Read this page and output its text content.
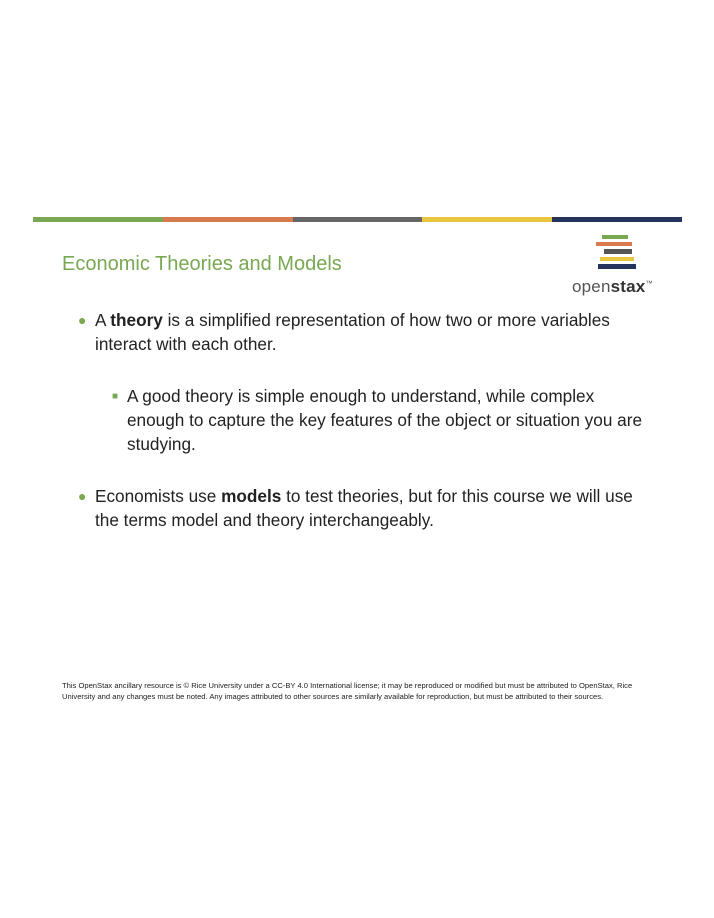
Economic Theories and Models
openstax™
● A theory is a simplified representation of how two or more variables interact with each other.
■ A good theory is simple enough to understand, while complex enough to capture the key features of the object or situation you are studying.
● Economists use models to test theories, but for this course we will use the terms model and theory interchangeably.

This OpenStax ancillary resource is © Rice University under a CC-BY 4.0 International license; it may be reproduced or modified but must be attributed to OpenStax, Rice University and any changes must be noted. Any images attributed to other sources are similarly available for reproduction, but must be attributed to their sources.
